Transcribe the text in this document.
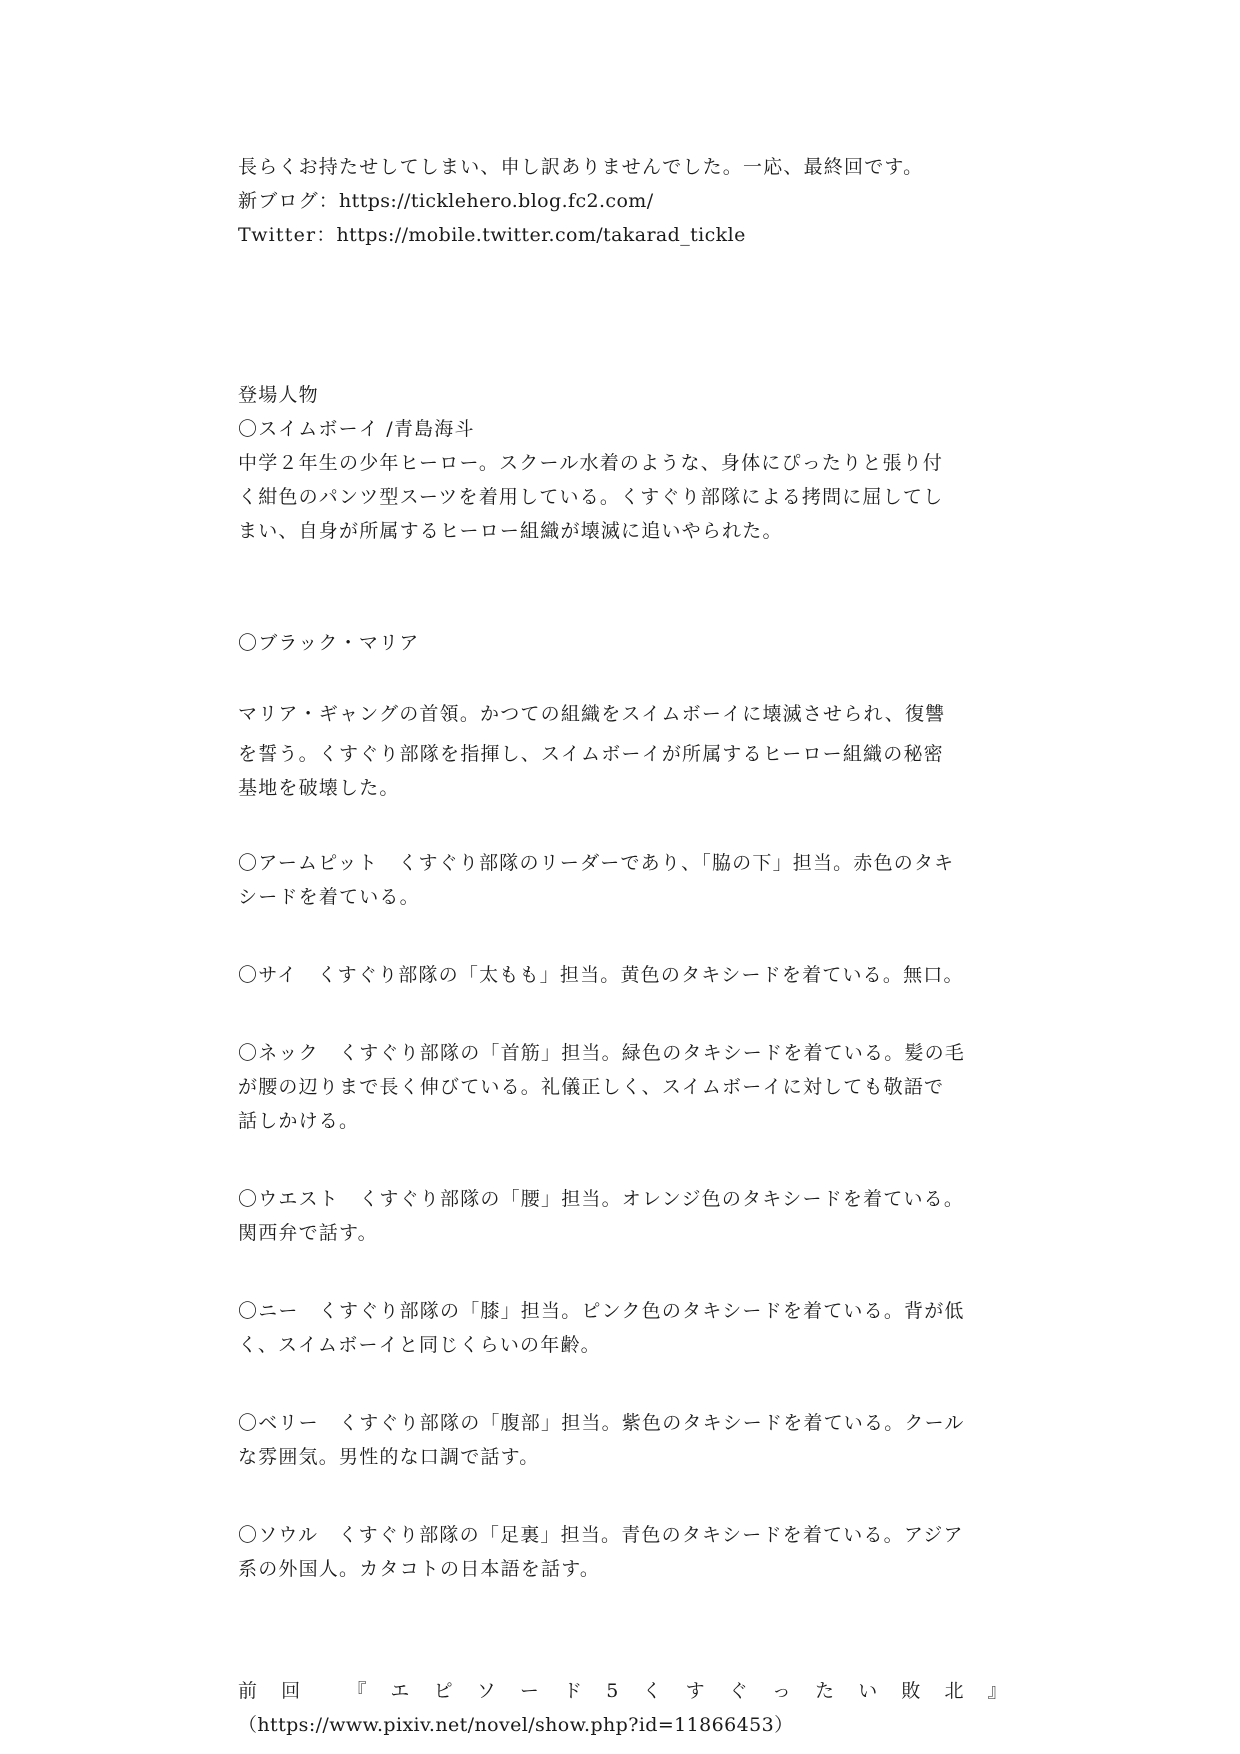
長らくお持たせしてしまい、申し訳ありませんでした。一応、最終回です。
新ブログ：https://ticklehero.blog.fc2.com/
Twitter：https://mobile.twitter.com/takarad_tickle
登場人物
〇スイムボーイ /青島海斗
中学２年生の少年ヒーロー。スクール水着のような、身体にぴったりと張り付
く紺色のパンツ型スーツを着用している。くすぐり部隊による拷問に屈してし
まい、自身が所属するヒーロー組織が壊滅に追いやられた。
〇ブラック・マリア
マリア・ギャングの首領。かつての組織をスイムボーイに壊滅させられ、復讐
を誓う。くすぐり部隊を指揮し、スイムボーイが所属するヒーロー組織の秘密
基地を破壊した。
〇アームピット　くすぐり部隊のリーダーであり、「脇の下」担当。赤色のタキ
シードを着ている。
〇サイ　くすぐり部隊の「太もも」担当。黄色のタキシードを着ている。無口。
〇ネック　くすぐり部隊の「首筋」担当。緑色のタキシードを着ている。髪の毛
が腰の辺りまで長く伸びている。礼儀正しく、スイムボーイに対しても敬語で
話しかける。
〇ウエスト　くすぐり部隊の「腰」担当。オレンジ色のタキシードを着ている。
関西弁で話す。
〇ニー　くすぐり部隊の「膝」担当。ピンク色のタキシードを着ている。背が低
く、スイムボーイと同じくらいの年齢。
〇ベリー　くすぐり部隊の「腹部」担当。紫色のタキシードを着ている。クール
な雰囲気。男性的な口調で話す。
〇ソウル　くすぐり部隊の「足裏」担当。青色のタキシードを着ている。アジア
系の外国人。カタコトの日本語を話す。
前 回 『 エ ピ ソ ー ド 5 く す ぐ っ た い 敗 北 』
（https://www.pixiv.net/novel/show.php?id=11866453）
